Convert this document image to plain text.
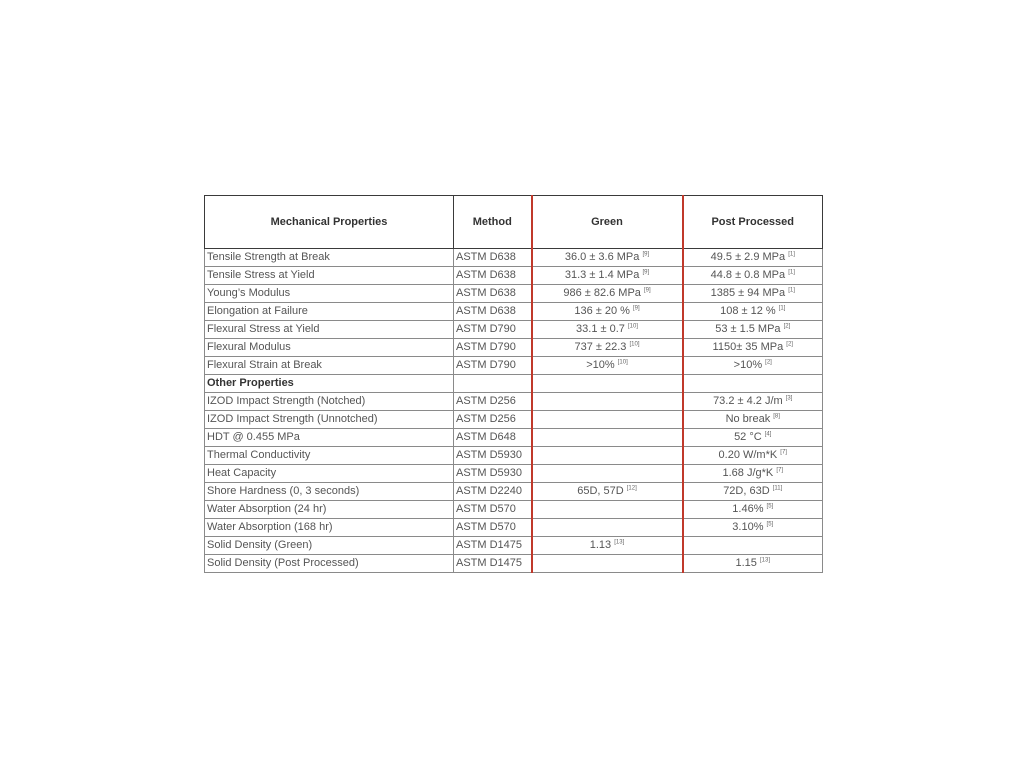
Mechanical Properties	Method	Green	Post Processed
Tensile Strength at Break	ASTM D638	36.0 ± 3.6 MPa [9]	49.5 ± 2.9 MPa [1]
Tensile Stress at Yield	ASTM D638	31.3 ± 1.4 MPa [9]	44.8 ± 0.8 MPa [1]
Young’s Modulus	ASTM D638	986 ± 82.6 MPa [9]	1385 ± 94 MPa [1]
Elongation at Failure	ASTM D638	136 ± 20 % [9]	108 ± 12 % [1]
Flexural Stress at Yield	ASTM D790	33.1 ± 0.7 [10]	53 ± 1.5 MPa [2]
Flexural Modulus	ASTM D790	737 ± 22.3 [10]	1150± 35 MPa [2]
Flexural Strain at Break	ASTM D790	>10% [10]	>10% [2]
Other Properties			
IZOD Impact Strength (Notched)	ASTM D256		73.2 ± 4.2 J/m [3]
IZOD Impact Strength (Unnotched)	ASTM D256		No break [8]
HDT @ 0.455 MPa	ASTM D648		52 °C [4]
Thermal Conductivity	ASTM D5930		0.20 W/m*K [7]
Heat Capacity	ASTM D5930		1.68 J/g*K [7]
Shore Hardness (0, 3 seconds)	ASTM D2240	65D, 57D [12]	72D, 63D [11]
Water Absorption (24 hr)	ASTM D570		1.46% [5]
Water Absorption (168 hr)	ASTM D570		3.10% [5]
Solid Density (Green)	ASTM D1475	1.13 [13]	
Solid Density (Post Processed)	ASTM D1475		1.15 [13]
